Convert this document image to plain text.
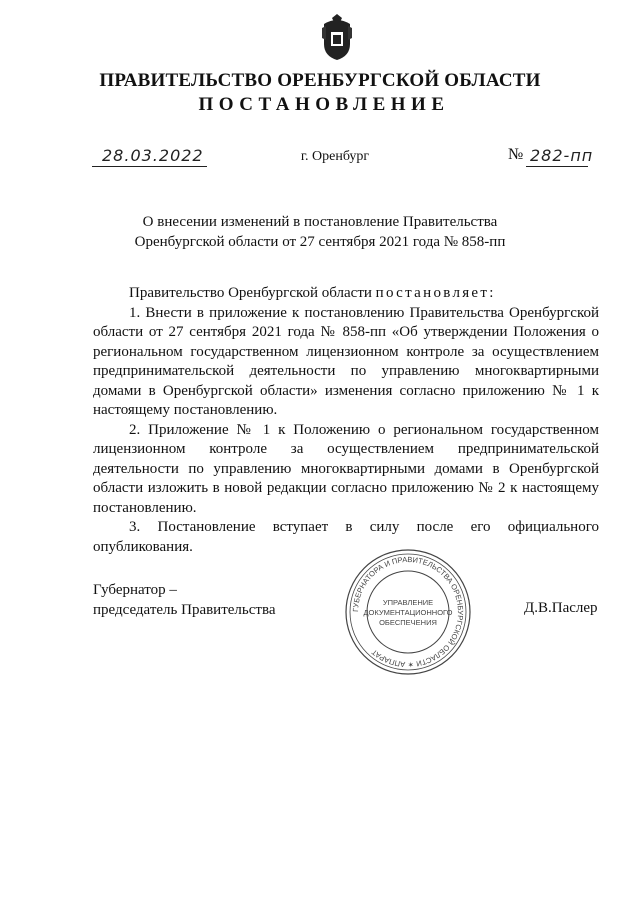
ПРАВИТЕЛЬСТВО ОРЕНБУРГСКОЙ ОБЛАСТИ
ПОСТАНОВЛЕНИЕ
28.03.2022	г. Оренбург	№ 282-пп
О внесении изменений в постановление Правительства
Оренбургской области от 27 сентября 2021 года № 858-пп
Правительство Оренбургской области постановляет:

1. Внести в приложение к постановлению Правительства Оренбургской области от 27 сентября 2021 года № 858-пп «Об утверждении Положения о региональном государственном лицензионном контроле за осуществлением предпринимательской деятельности по управлению многоквартирными домами в Оренбургской области» изменения согласно приложению № 1 к настоящему постановлению.

2. Приложение № 1 к Положению о региональном государственном лицензионном контроле за осуществлением предпринимательской деятельности по управлению многоквартирными домами в Оренбургской области изложить в новой редакции согласно приложению № 2 к настоящему постановлению.

3. Постановление вступает в силу после его официального опубликования.

Губернатор –
председатель Правительства	Д.В.Паслер
ГУБЕРНАТОРА И ПРАВИТЕЛЬСТВА ОРЕНБУРГСКОЙ ОБЛАСТИ ✶ АППАРАТ
УПРАВЛЕНИЕ
ДОКУМЕНТАЦИОННОГО
ОБЕСПЕЧЕНИЯ
